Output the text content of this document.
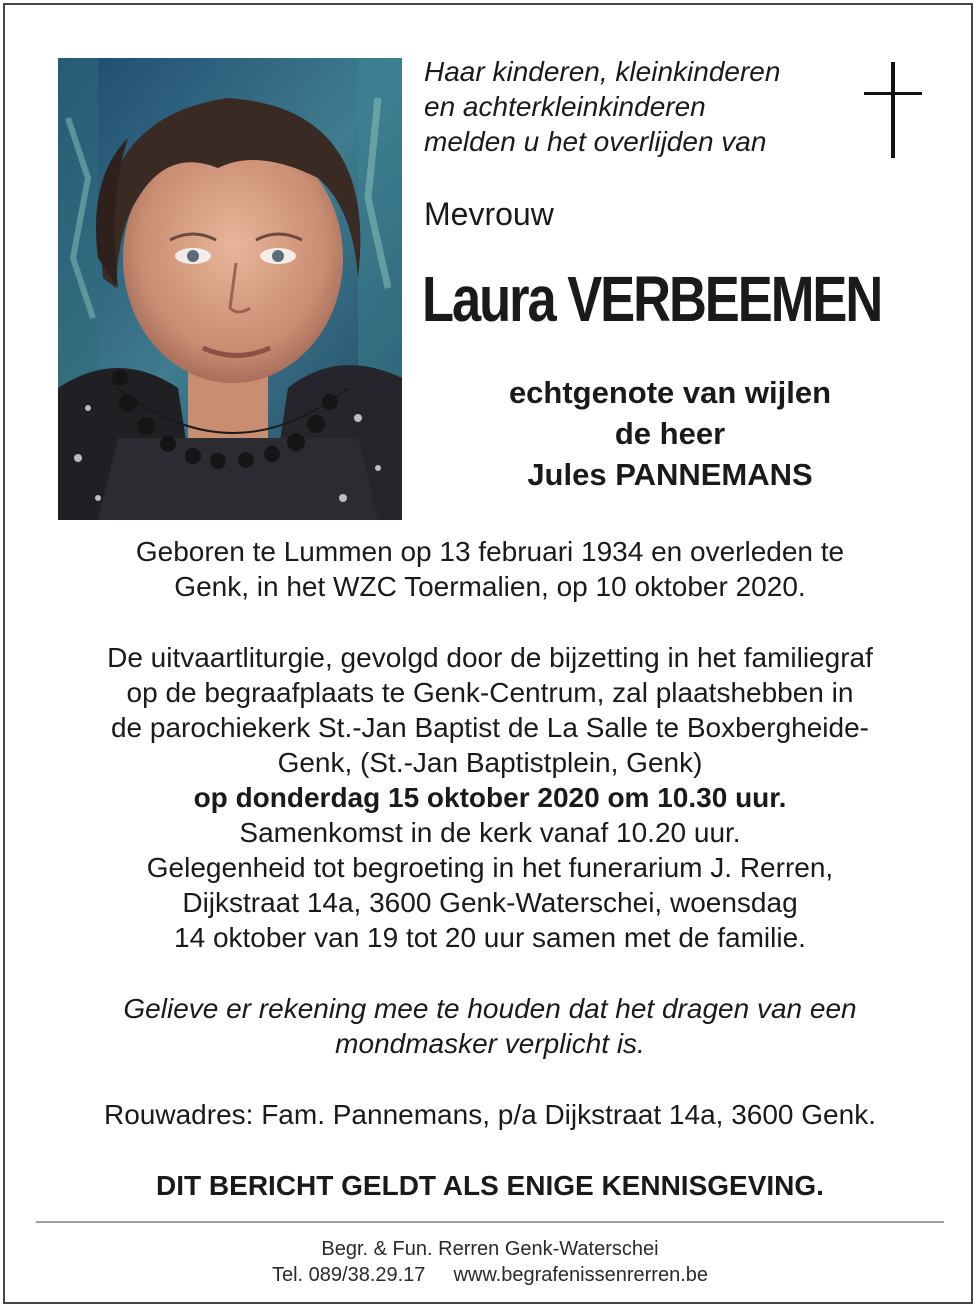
Haar kinderen, kleinkinderen
en achterkleinkinderen
melden u het overlijden van
Mevrouw
Laura VERBEEMEN
echtgenote van wijlen
de heer
Jules PANNEMANS
Geboren te Lummen op 13 februari 1934 en overleden te
Genk, in het WZC Toermalien, op 10 oktober 2020.
De uitvaartliturgie, gevolgd door de bijzetting in het familiegraf
op de begraafplaats te Genk-Centrum, zal plaatshebben in
de parochiekerk St.-Jan Baptist de La Salle te Boxbergheide-
Genk, (St.-Jan Baptistplein, Genk)
op donderdag 15 oktober 2020 om 10.30 uur.
Samenkomst in de kerk vanaf 10.20 uur.
Gelegenheid tot begroeting in het funerarium J. Rerren,
Dijkstraat 14a, 3600 Genk-Waterschei, woensdag
14 oktober van 19 tot 20 uur samen met de familie.
Gelieve er rekening mee te houden dat het dragen van een
mondmasker verplicht is.
Rouwadres: Fam. Pannemans, p/a Dijkstraat 14a, 3600 Genk.
DIT BERICHT GELDT ALS ENIGE KENNISGEVING.
Begr. & Fun. Rerren Genk-Waterschei
Tel. 089/38.29.17 www.begrafenissenrerren.be
